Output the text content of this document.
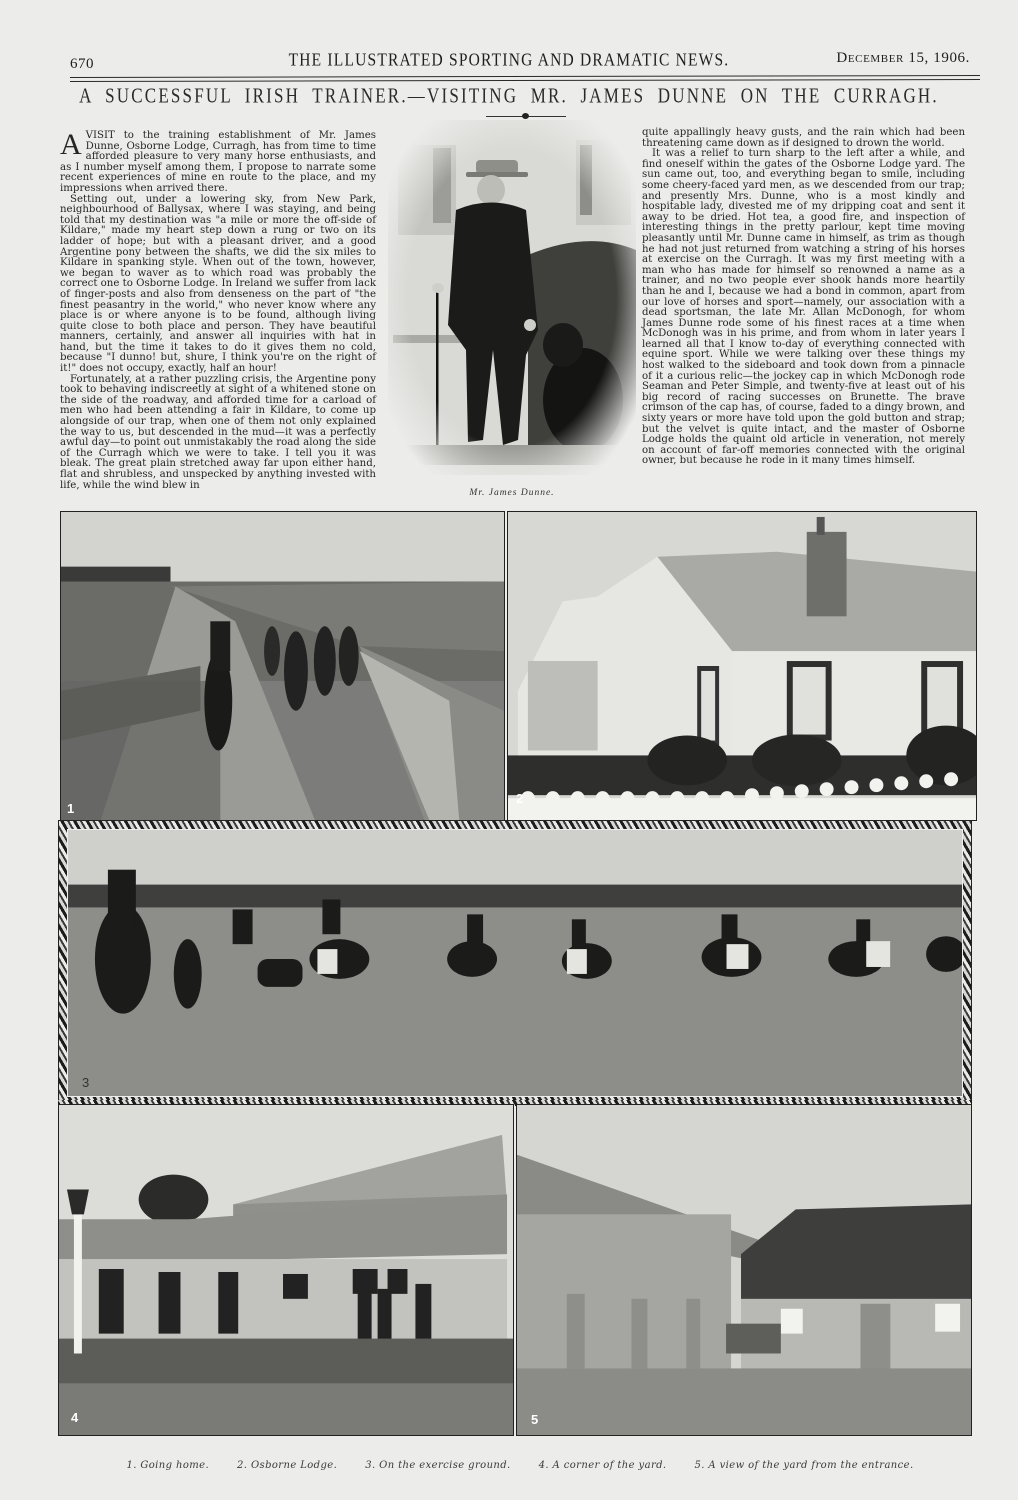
670	THE ILLUSTRATED SPORTING AND DRAMATIC NEWS.	December 15, 1906.
A SUCCESSFUL IRISH TRAINER.—VISITING MR. JAMES DUNNE ON THE CURRAGH.

AVISIT to the training establishment of Mr. James Dunne, Osborne Lodge, Curragh, has from time to time afforded pleasure to very many horse enthusiasts, and as I number myself among them, I propose to narrate some recent experiences of mine en route to the place, and my impressions when arrived there.

Setting out, under a lowering sky, from New Park, neighbourhood of Ballysax, where I was staying, and being told that my destination was "a mile or more the off-side of Kildare," made my heart step down a rung or two on its ladder of hope; but with a pleasant driver, and a good Argentine pony between the shafts, we did the six miles to Kildare in spanking style. When out of the town, however, we began to waver as to which road was probably the correct one to Osborne Lodge. In Ireland we suffer from lack of finger-posts and also from denseness on the part of "the finest peasantry in the world," who never know where any place is or where anyone is to be found, although living quite close to both place and person. They have beautiful manners, certainly, and answer all inquiries with hat in hand, but the time it takes to do it gives them no cold, because "I dunno! but, shure, I think you're on the right of it!" does not occupy, exactly, half an hour!

Fortunately, at a rather puzzling crisis, the Argentine pony took to behaving indiscreetly at sight of a whitened stone on the side of the roadway, and afforded time for a carload of men who had been attending a fair in Kildare, to come up alongside of our trap, when one of them not only explained the way to us, but descended in the mud—it was a perfectly awful day—to point out unmistakably the road along the side of the Curragh which we were to take. I tell you it was bleak. The great plain stretched away far upon either hand, flat and shrubless, and unspecked by anything invested with life, while the wind blew in

Mr. James Dunne.

quite appallingly heavy gusts, and the rain which had been threatening came down as if designed to drown the world.

It was a relief to turn sharp to the left after a while, and find oneself within the gates of the Osborne Lodge yard. The sun came out, too, and everything began to smile, including some cheery-faced yard men, as we descended from our trap; and presently Mrs. Dunne, who is a most kindly and hospitable lady, divested me of my dripping coat and sent it away to be dried. Hot tea, a good fire, and inspection of interesting things in the pretty parlour, kept time moving pleasantly until Mr. Dunne came in himself, as trim as though he had not just returned from watching a string of his horses at exercise on the Curragh. It was my first meeting with a man who has made for himself so renowned a name as a trainer, and no two people ever shook hands more heartily than he and I, because we had a bond in common, apart from our love of horses and sport—namely, our association with a dead sportsman, the late Mr. Allan McDonogh, for whom James Dunne rode some of his finest races at a time when McDonogh was in his prime, and from whom in later years I learned all that I know to-day of everything connected with equine sport. While we were talking over these things my host walked to the sideboard and took down from a pinnacle of it a curious relic—the jockey cap in which McDonogh rode Seaman and Peter Simple, and twenty-five at least out of his big record of racing successes on Brunette. The brave crimson of the cap has, of course, faded to a dingy brown, and sixty years or more have told upon the gold button and strap; but the velvet is quite intact, and the master of Osborne Lodge holds the quaint old article in veneration, not merely on account of far-off memories connected with the original owner, but because he rode in it many times himself.

1
2
3
4	5
1. Going home.	2. Osborne Lodge.	3. On the exercise ground.	4. A corner of the yard.	5. A view of the yard from the entrance.
